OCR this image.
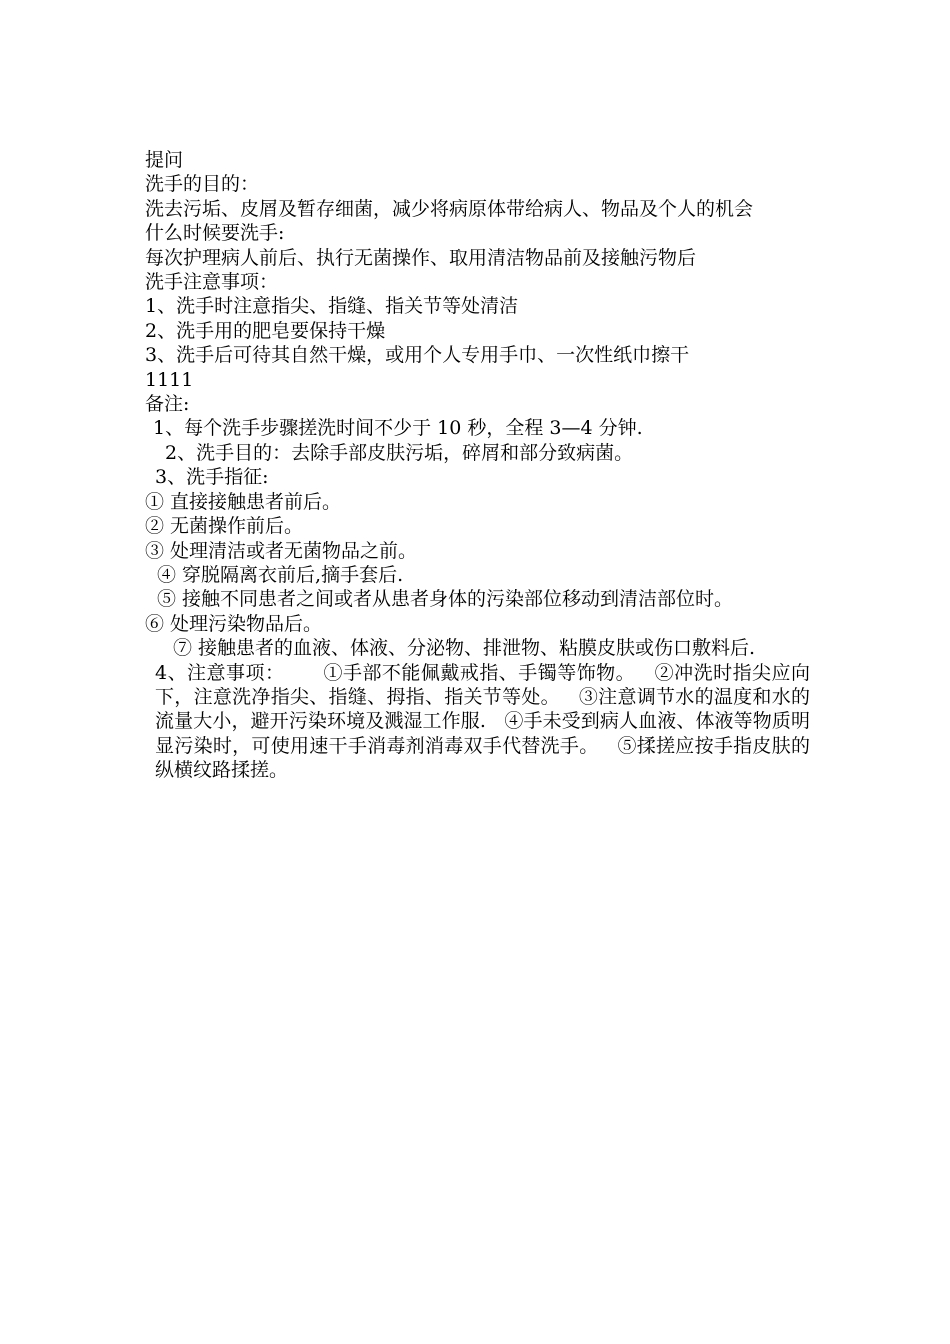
提问

洗手的目的：

洗去污垢、皮屑及暂存细菌，减少将病原体带给病人、物品及个人的机会

什么时候要洗手:

每次护理病人前后、执行无菌操作、取用清洁物品前及接触污物后

洗手注意事项：

1、洗手时注意指尖、指缝、指关节等处清洁

2、洗手用的肥皂要保持干燥

3、洗手后可待其自然干燥，或用个人专用手巾、一次性纸巾擦干

1111

备注:

1、每个洗手步骤搓洗时间不少于 10 秒，全程 3—4 分钟.

2、洗手目的：去除手部皮肤污垢，碎屑和部分致病菌。

3、洗手指征:

① 直接接触患者前后。

② 无菌操作前后。

③ 处理清洁或者无菌物品之前。

④ 穿脱隔离衣前后,摘手套后.

⑤ 接触不同患者之间或者从患者身体的污染部位移动到清洁部位时。

⑥ 处理污染物品后。

⑦ 接触患者的血液、体液、分泌物、排泄物、粘膜皮肤或伤口敷料后.

4、注意事项：      ①手部不能佩戴戒指、手镯等饰物。   ②冲洗时指尖应向下，注意洗净指尖、指缝、拇指、指关节等处。   ③注意调节水的温度和水的流量大小，避开污染环境及溅湿工作服.   ④手未受到病人血液、体液等物质明显污染时，可使用速干手消毒剂消毒双手代替洗手。   ⑤揉搓应按手指皮肤的纵横纹路揉搓。
